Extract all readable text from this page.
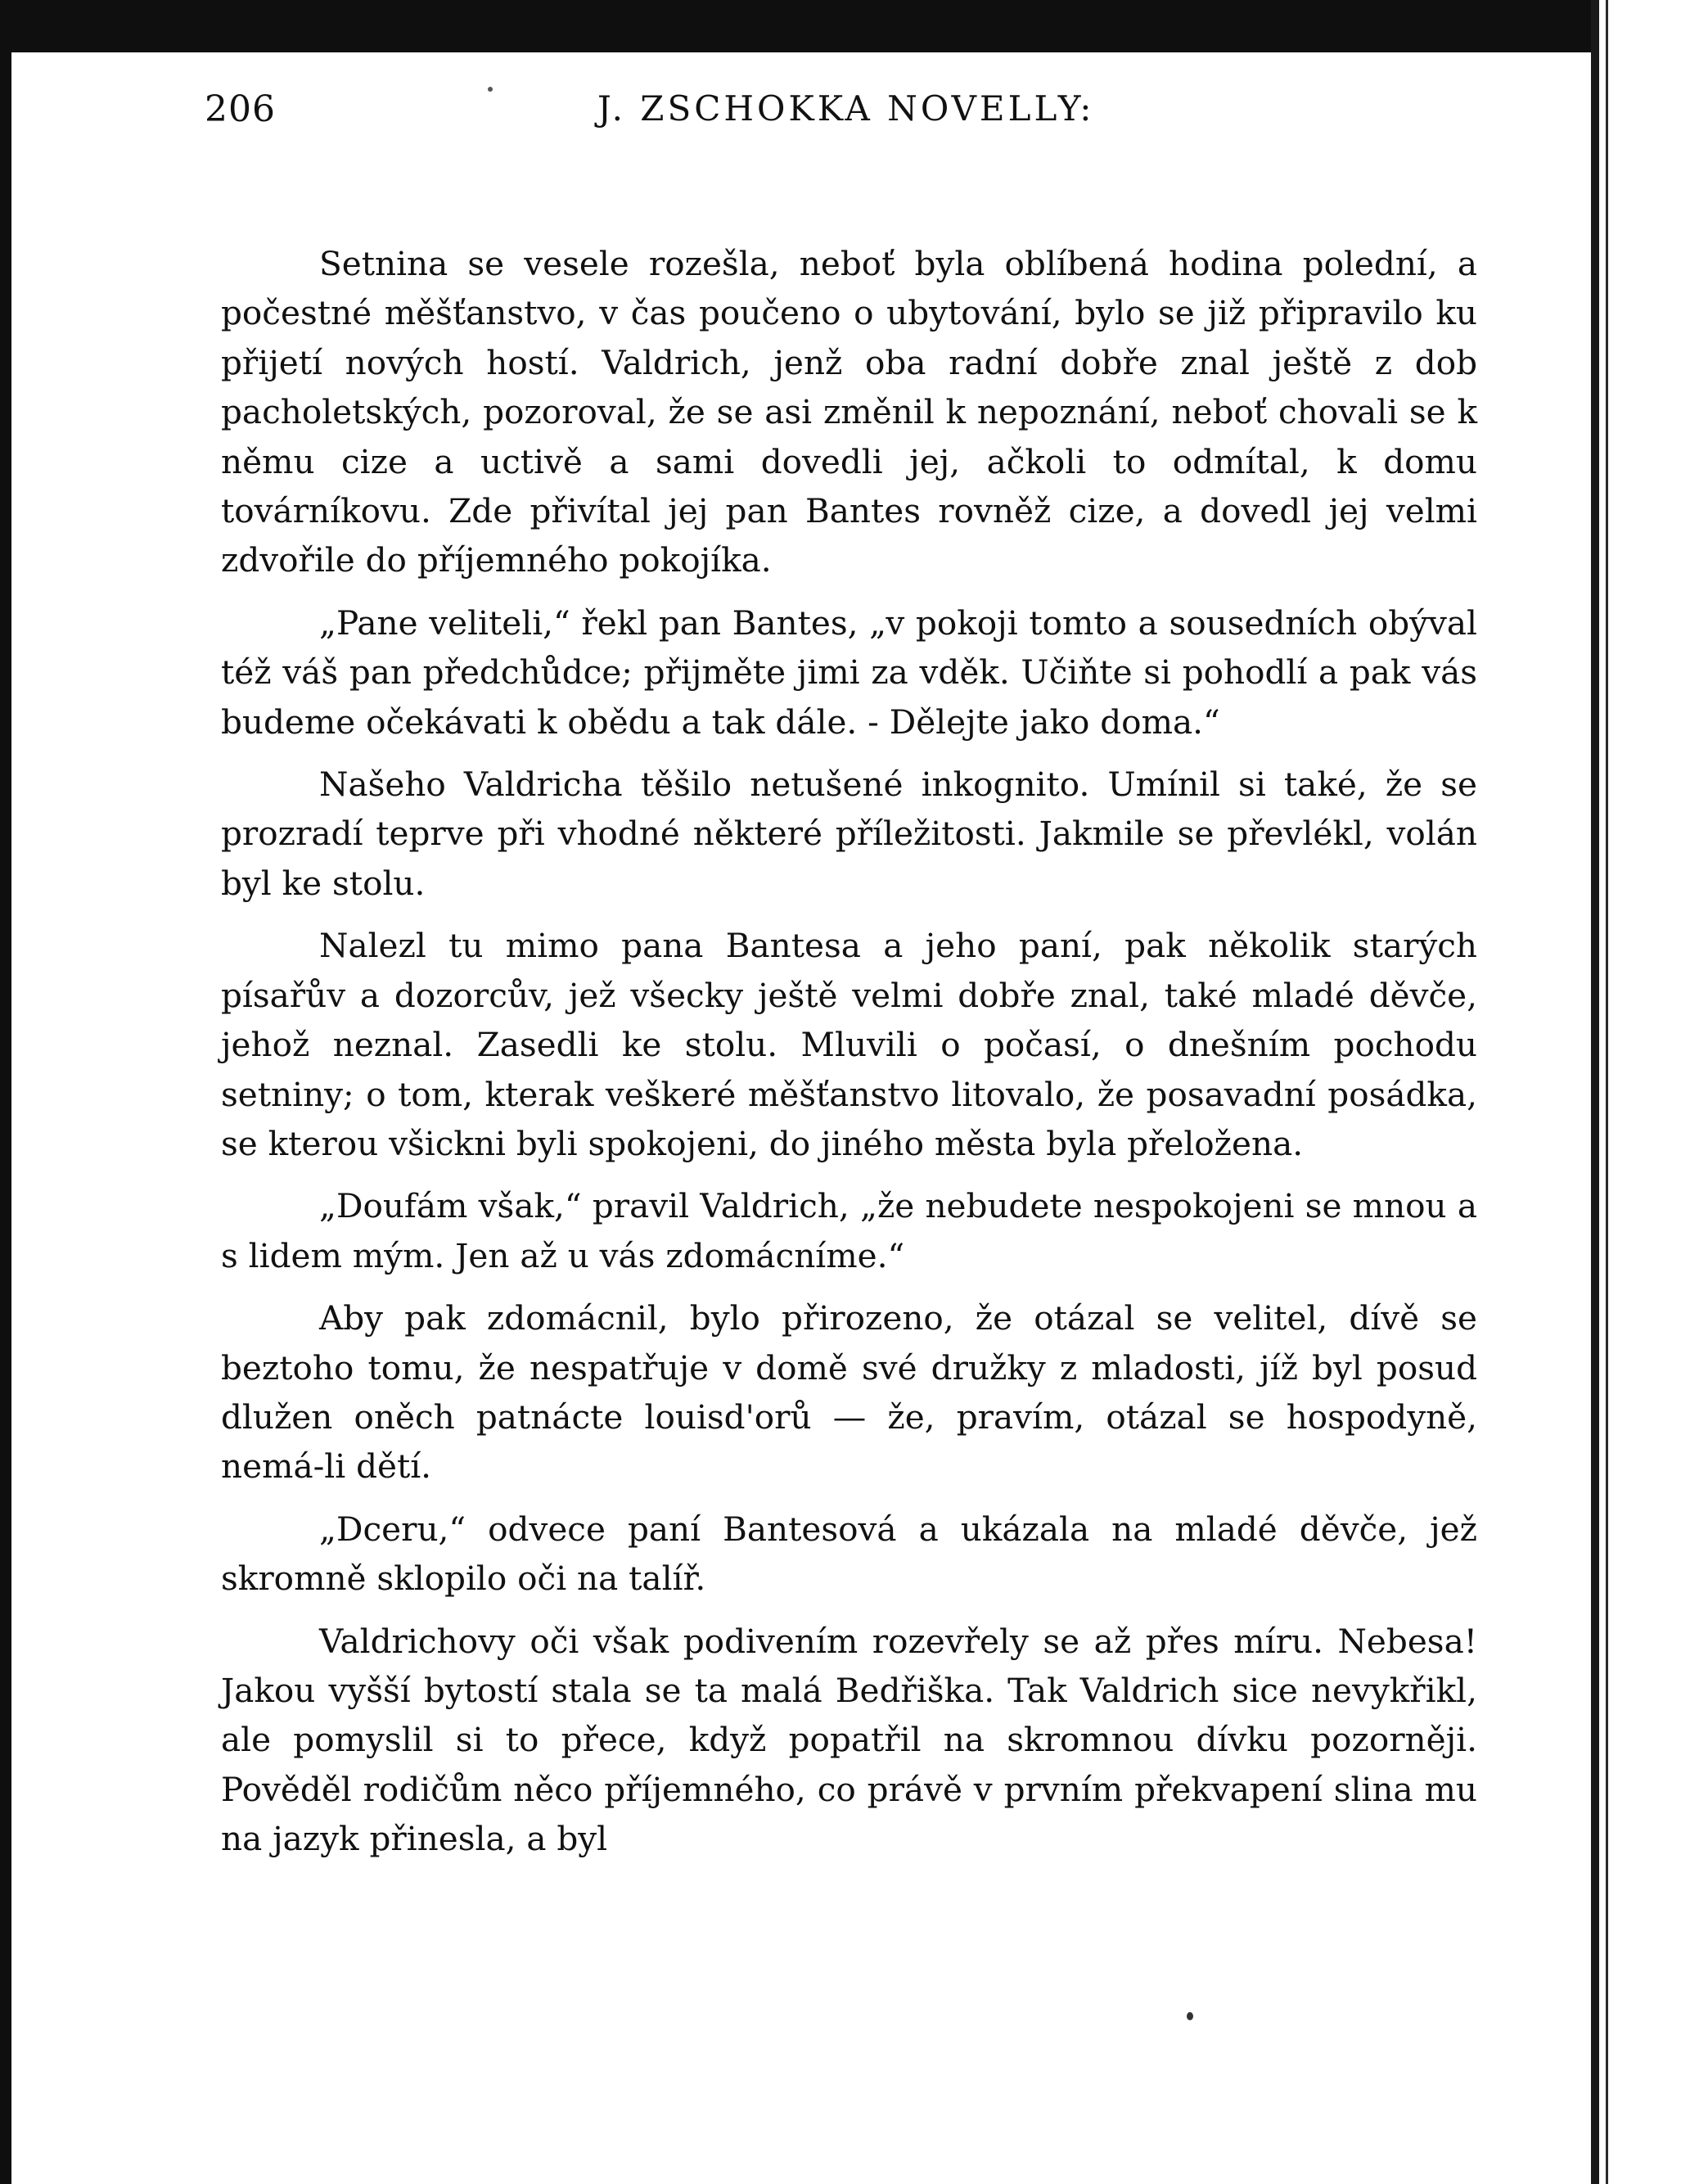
206	J. ZSCHOKKA NOVELLY:

Setnina se vesele rozešla, neboť byla oblíbená hodina polední, a počestné měšťanstvo, v čas poučeno o ubytování, bylo se již připravilo ku přijetí nových hostí. Valdrich, jenž oba radní dobře znal ještě z dob pacholetských, pozoroval, že se asi změnil k nepoznání, neboť chovali se k němu cize a uctivě a sami dovedli jej, ačkoli to odmítal, k domu továrníkovu. Zde přivítal jej pan Bantes rovněž cize, a dovedl jej velmi zdvořile do příjemného pokojíka.

„Pane veliteli,“ řekl pan Bantes, „v pokoji tomto a sousedních obýval též váš pan předchůdce; přijměte jimi za vděk. Učiňte si pohodlí a pak vás budeme očekávati k obědu a tak dále. - Dělejte jako doma.“

Našeho Valdricha těšilo netušené inkognito. Umínil si také, že se prozradí teprve při vhodné některé příležitosti. Jakmile se převlékl, volán byl ke stolu.

Nalezl tu mimo pana Bantesa a jeho paní, pak několik starých písařův a dozorcův, jež všecky ještě velmi dobře znal, také mladé děvče, jehož neznal. Zasedli ke stolu. Mluvili o počasí, o dnešním pochodu setniny; o tom, kterak veškeré měšťanstvo litovalo, že posavadní posádka, se kterou všickni byli spokojeni, do jiného města byla přeložena.

„Doufám však,“ pravil Valdrich, „že nebudete nespokojeni se mnou a s lidem mým. Jen až u vás zdomácníme.“

Aby pak zdomácnil, bylo přirozeno, že otázal se velitel, dívě se beztoho tomu, že nespatřuje v domě své družky z mladosti, jíž byl posud dlužen oněch patnácte louisd'orů — že, pravím, otázal se hospodyně, nemá-li dětí.

„Dceru,“ odvece paní Bantesová a ukázala na mladé děvče, jež skromně sklopilo oči na talíř.

Valdrichovy oči však podivením rozevřely se až přes míru. Nebesa! Jakou vyšší bytostí stala se ta malá Bedřiška. Tak Valdrich sice nevykřikl, ale pomyslil si to přece, když popatřil na skromnou dívku pozorněji. Pověděl rodičům něco příjemného, co právě v prvním překvapení slina mu na jazyk přinesla, a byl
